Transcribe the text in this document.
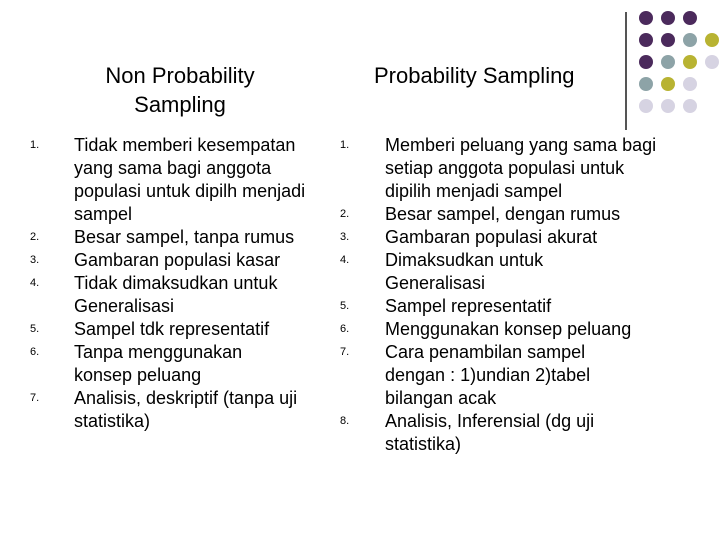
Non Probability Sampling
Probability Sampling
1. Tidak memberi kesempatan yang sama bagi anggota populasi untuk dipilh menjadi sampel
2. Besar sampel, tanpa rumus
3. Gambaran populasi kasar
4. Tidak dimaksudkan untuk Generalisasi
5. Sampel tdk representatif
6. Tanpa menggunakan konsep peluang
7. Analisis, deskriptif (tanpa uji statistika)
1. Memberi peluang yang sama bagi setiap anggota populasi untuk dipilih menjadi sampel
2. Besar sampel, dengan rumus
3. Gambaran populasi akurat
4. Dimaksudkan untuk Generalisasi
5. Sampel representatif
6. Menggunakan konsep peluang
7. Cara penambilan sampel dengan : 1)undian 2)tabel bilangan acak
8. Analisis, Inferensial (dg uji statistika)
